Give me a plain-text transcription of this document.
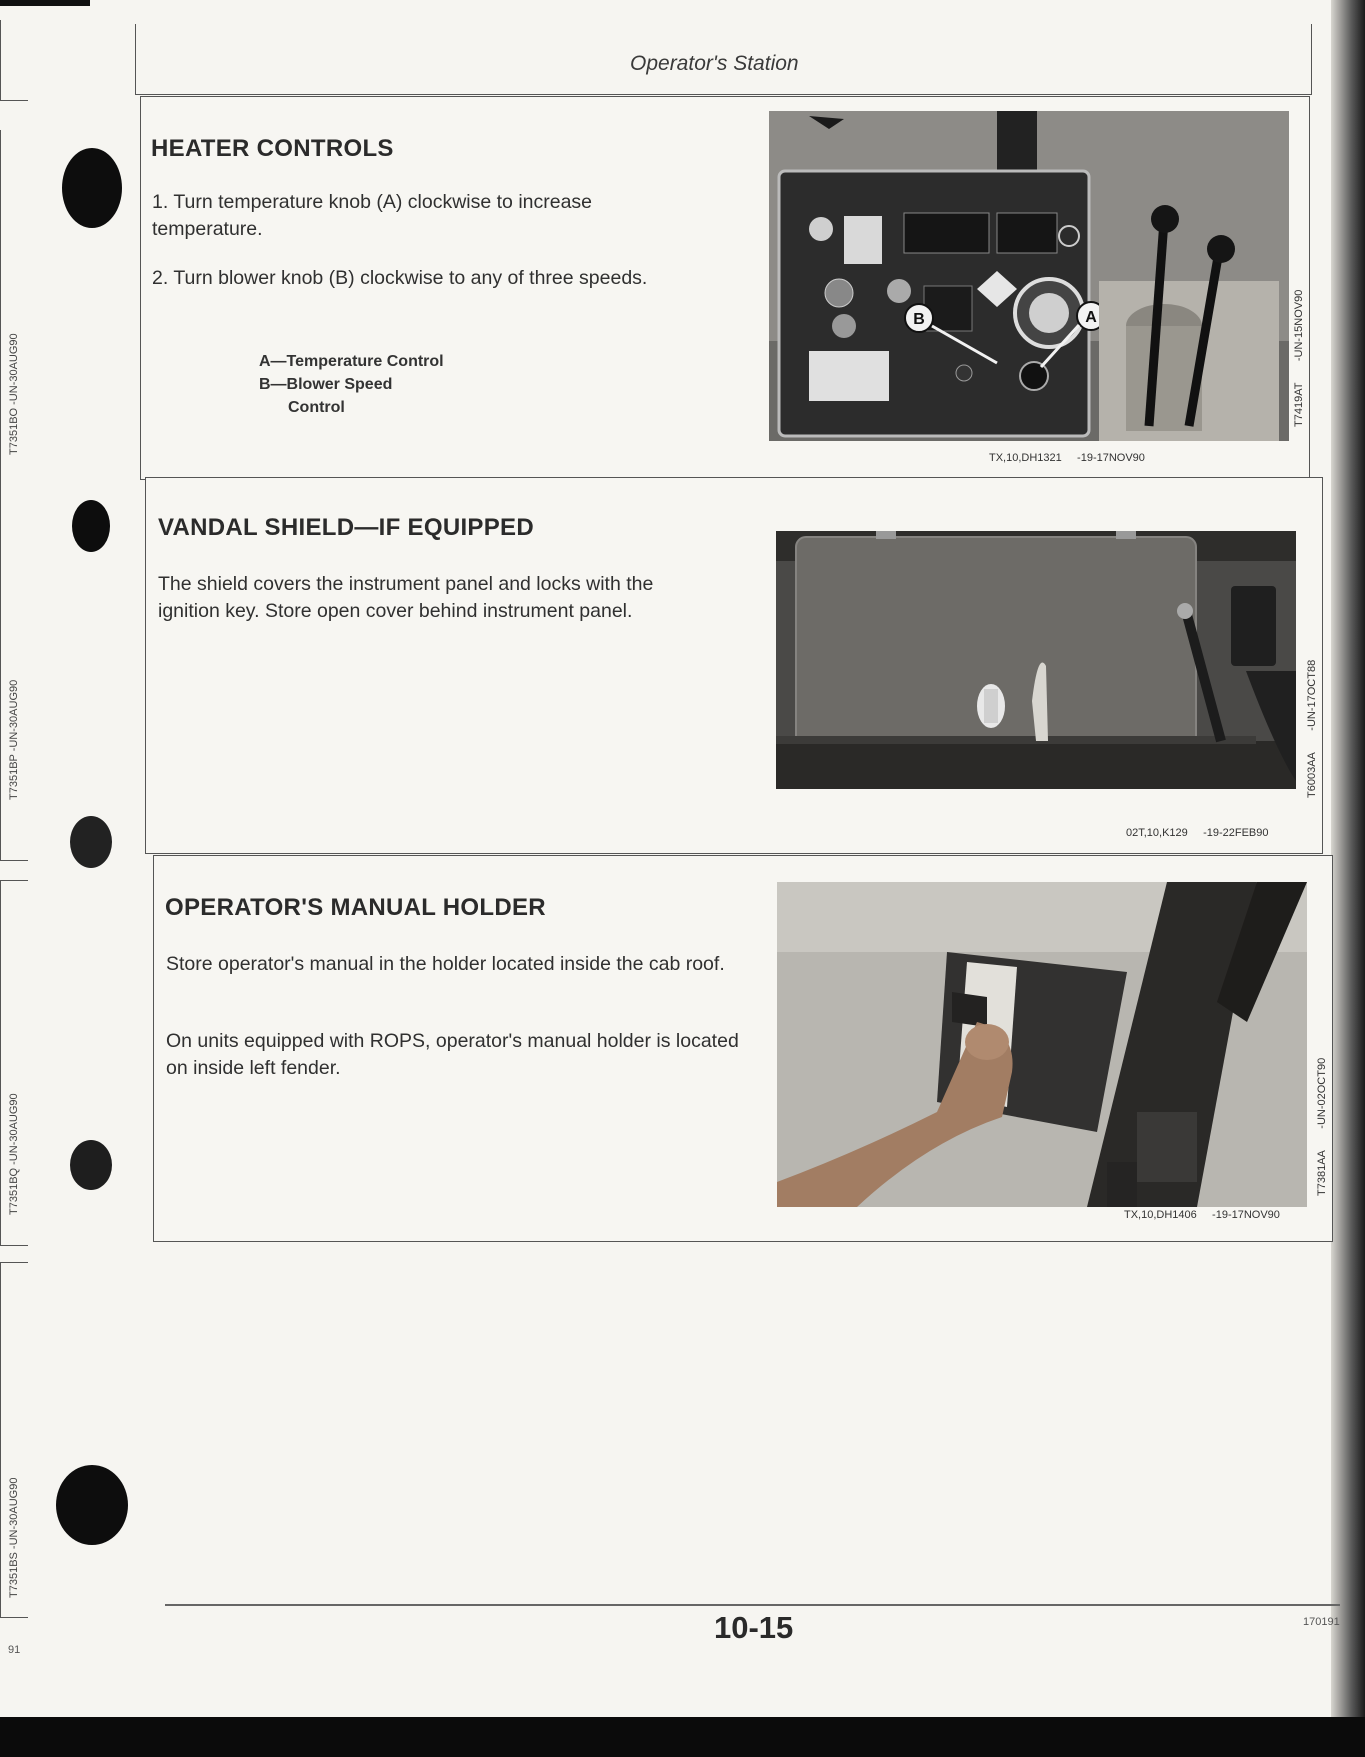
T7351BO -UN-30AUG90
T7351BP -UN-30AUG90
T7351BQ -UN-30AUG90
T7351BS -UN-30AUG90
91
Operator's Station
HEATER CONTROLS
1. Turn temperature knob (A) clockwise to increase temperature.
2. Turn blower knob (B) clockwise to any of three speeds.
A—Temperature Control
B—Blower Speed
Control
B	A
T7419AT       -UN-15NOV90
TX,10,DH1321 -19-17NOV90
VANDAL SHIELD—IF EQUIPPED
The shield covers the instrument panel and locks with the ignition key. Store open cover behind instrument panel.
T6003AA       -UN-17OCT88
02T,10,K129 -19-22FEB90
OPERATOR'S MANUAL HOLDER
Store operator's manual in the holder located inside the cab roof.
On units equipped with ROPS, operator's manual holder is located on inside left fender.
T7381AA       -UN-02OCT90
TX,10,DH1406 -19-17NOV90
10-15	170191
